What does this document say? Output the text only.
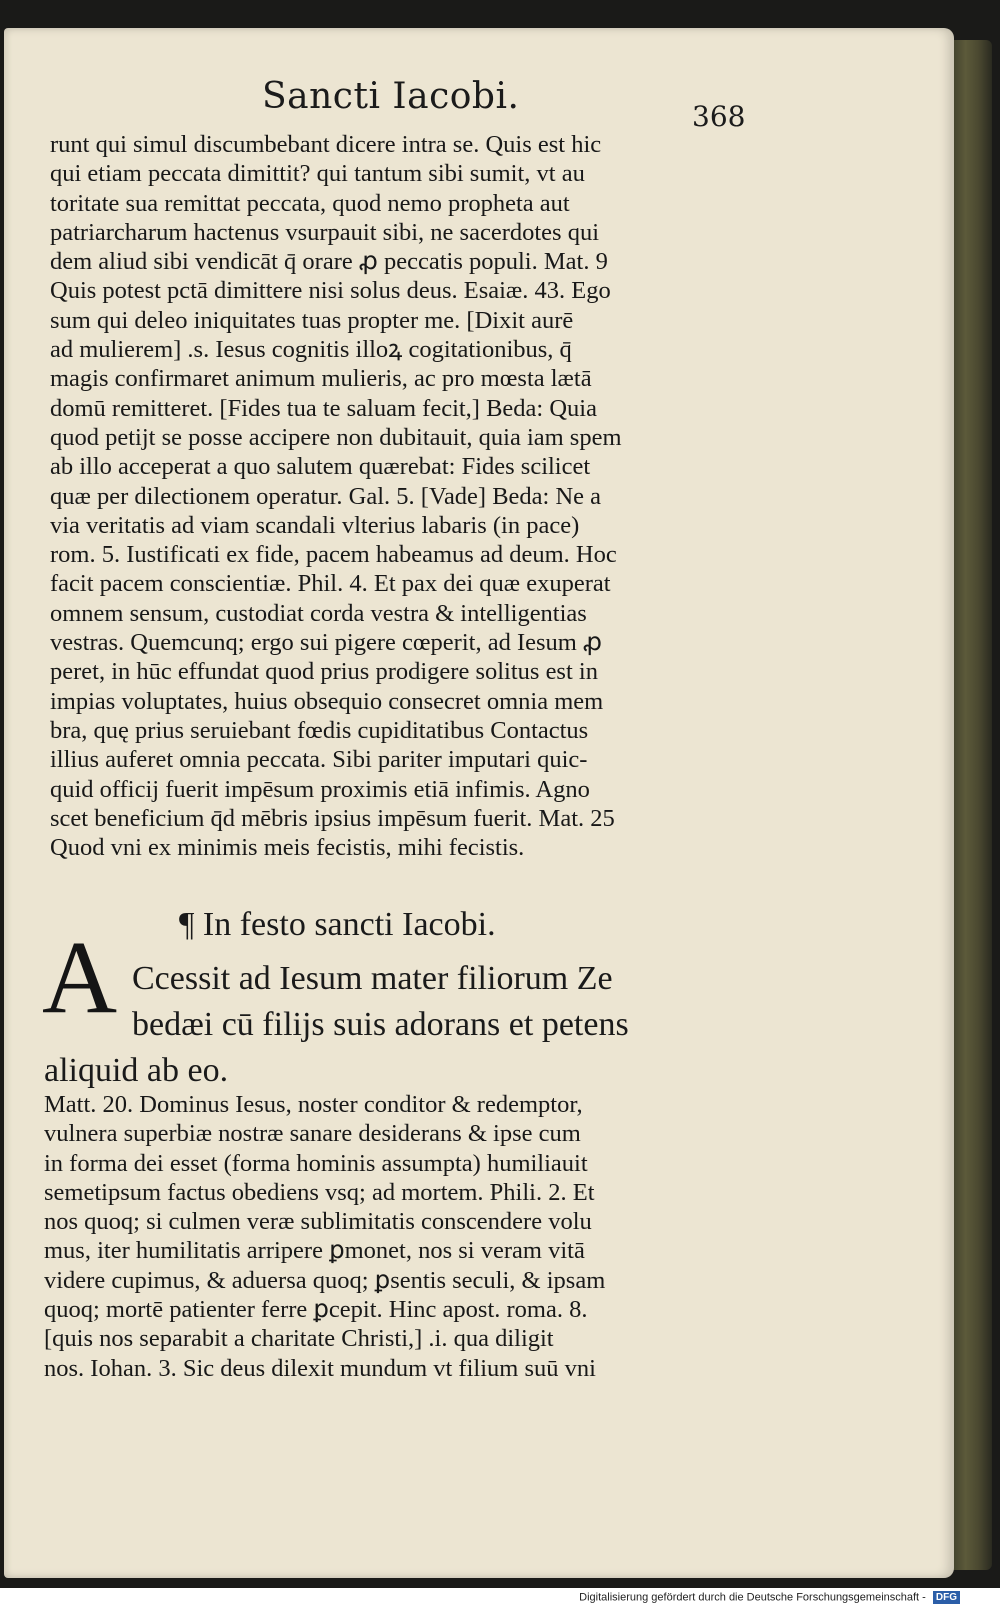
Sancti Iacobi.	368
runt qui simul discumbebant dicere intra se. Quis est hic
qui etiam peccata dimittit? qui tantum sibi sumit, vt au
toritate sua remittat peccata, quod nemo propheta aut
patriarcharum hactenus vsurpauit sibi, ne sacerdotes qui
dem aliud sibi vendicāt q̄ orare ꝓ peccatis populi. Mat. 9
Quis potest pctā dimittere nisi solus deus. Esaiæ. 43. Ego
sum qui deleo iniquitates tuas propter me. [Dixit aurē
ad mulierem] .s. Iesus cognitis illoꝝ cogitationibus, q̄
magis confirmaret animum mulieris, ac pro mœsta lætā
domū remitteret. [Fides tua te saluam fecit,] Beda: Quia
quod petijt se posse accipere non dubitauit, quia iam spem
ab illo acceperat a quo salutem quærebat: Fides scilicet
quæ per dilectionem operatur. Gal. 5. [Vade] Beda: Ne a
via veritatis ad viam scandali vlterius labaris (in pace)
rom. 5. Iustificati ex fide, pacem habeamus ad deum. Hoc
facit pacem conscientiæ. Phil. 4. Et pax dei quæ exuperat
omnem sensum, custodiat corda vestra & intelligentias
vestras. Quemcunq; ergo sui pigere cœperit, ad Iesum ꝓ
peret, in hūc effundat quod prius prodigere solitus est in
impias voluptates, huius obsequio consecret omnia mem
bra, quę prius seruiebant fœdis cupiditatibus Contactus
illius auferet omnia peccata. Sibi pariter imputari quic-
quid officij fuerit impēsum proximis etiā infimis. Agno
scet beneficium q̄d mēbris ipsius impēsum fuerit. Mat. 25
Quod vni ex minimis meis fecistis, mihi fecistis.
¶ In festo sancti Iacobi.
A Ccessit ad Iesum mater filiorum Ze
bedæi cū filijs suis adorans et petens
aliquid ab eo.
Matt. 20. Dominus Iesus, noster conditor & redemptor,
vulnera superbiæ nostræ sanare desiderans & ipse cum
in forma dei esset (forma hominis assumpta) humiliauit
semetipsum factus obediens vsq; ad mortem. Phili. 2. Et
nos quoq; si culmen veræ sublimitatis conscendere volu
mus, iter humilitatis arripere ꝑmonet, nos si veram vitā
videre cupimus, & aduersa quoq; ꝑsentis seculi, & ipsam
quoq; mortē patienter ferre ꝑcepit. Hinc apost. roma. 8.
[quis nos separabit a charitate Christi,] .i. qua diligit
nos. Iohan. 3. Sic deus dilexit mundum vt filium suū vni
Digitalisierung gefördert durch die Deutsche Forschungsgemeinschaft - DFG
